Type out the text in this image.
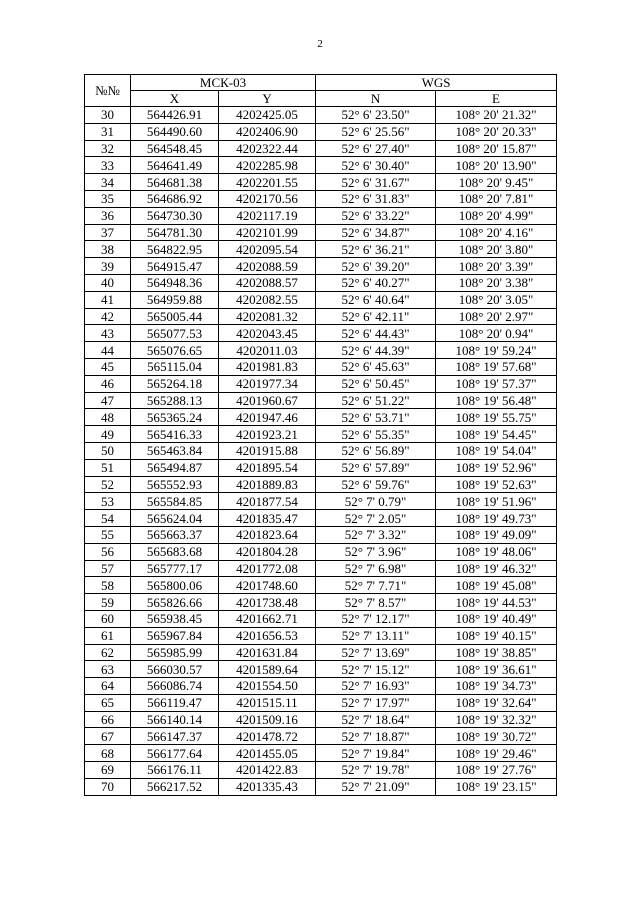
2
№№	МСК-03		WGS	
	X	Y	N	E
30	564426.91	4202425.05	52° 6' 23.50"	108° 20' 21.32"
31	564490.60	4202406.90	52° 6' 25.56"	108° 20' 20.33"
32	564548.45	4202322.44	52° 6' 27.40"	108° 20' 15.87"
33	564641.49	4202285.98	52° 6' 30.40"	108° 20' 13.90"
34	564681.38	4202201.55	52° 6' 31.67"	108° 20' 9.45"
35	564686.92	4202170.56	52° 6' 31.83"	108° 20' 7.81"
36	564730.30	4202117.19	52° 6' 33.22"	108° 20' 4.99"
37	564781.30	4202101.99	52° 6' 34.87"	108° 20' 4.16"
38	564822.95	4202095.54	52° 6' 36.21"	108° 20' 3.80"
39	564915.47	4202088.59	52° 6' 39.20"	108° 20' 3.39"
40	564948.36	4202088.57	52° 6' 40.27"	108° 20' 3.38"
41	564959.88	4202082.55	52° 6' 40.64"	108° 20' 3.05"
42	565005.44	4202081.32	52° 6' 42.11"	108° 20' 2.97"
43	565077.53	4202043.45	52° 6' 44.43"	108° 20' 0.94"
44	565076.65	4202011.03	52° 6' 44.39"	108° 19' 59.24"
45	565115.04	4201981.83	52° 6' 45.63"	108° 19' 57.68"
46	565264.18	4201977.34	52° 6' 50.45"	108° 19' 57.37"
47	565288.13	4201960.67	52° 6' 51.22"	108° 19' 56.48"
48	565365.24	4201947.46	52° 6' 53.71"	108° 19' 55.75"
49	565416.33	4201923.21	52° 6' 55.35"	108° 19' 54.45"
50	565463.84	4201915.88	52° 6' 56.89"	108° 19' 54.04"
51	565494.87	4201895.54	52° 6' 57.89"	108° 19' 52.96"
52	565552.93	4201889.83	52° 6' 59.76"	108° 19' 52.63"
53	565584.85	4201877.54	52° 7' 0.79"	108° 19' 51.96"
54	565624.04	4201835.47	52° 7' 2.05"	108° 19' 49.73"
55	565663.37	4201823.64	52° 7' 3.32"	108° 19' 49.09"
56	565683.68	4201804.28	52° 7' 3.96"	108° 19' 48.06"
57	565777.17	4201772.08	52° 7' 6.98"	108° 19' 46.32"
58	565800.06	4201748.60	52° 7' 7.71"	108° 19' 45.08"
59	565826.66	4201738.48	52° 7' 8.57"	108° 19' 44.53"
60	565938.45	4201662.71	52° 7' 12.17"	108° 19' 40.49"
61	565967.84	4201656.53	52° 7' 13.11"	108° 19' 40.15"
62	565985.99	4201631.84	52° 7' 13.69"	108° 19' 38.85"
63	566030.57	4201589.64	52° 7' 15.12"	108° 19' 36.61"
64	566086.74	4201554.50	52° 7' 16.93"	108° 19' 34.73"
65	566119.47	4201515.11	52° 7' 17.97"	108° 19' 32.64"
66	566140.14	4201509.16	52° 7' 18.64"	108° 19' 32.32"
67	566147.37	4201478.72	52° 7' 18.87"	108° 19' 30.72"
68	566177.64	4201455.05	52° 7' 19.84"	108° 19' 29.46"
69	566176.11	4201422.83	52° 7' 19.78"	108° 19' 27.76"
70	566217.52	4201335.43	52° 7' 21.09"	108° 19' 23.15"
